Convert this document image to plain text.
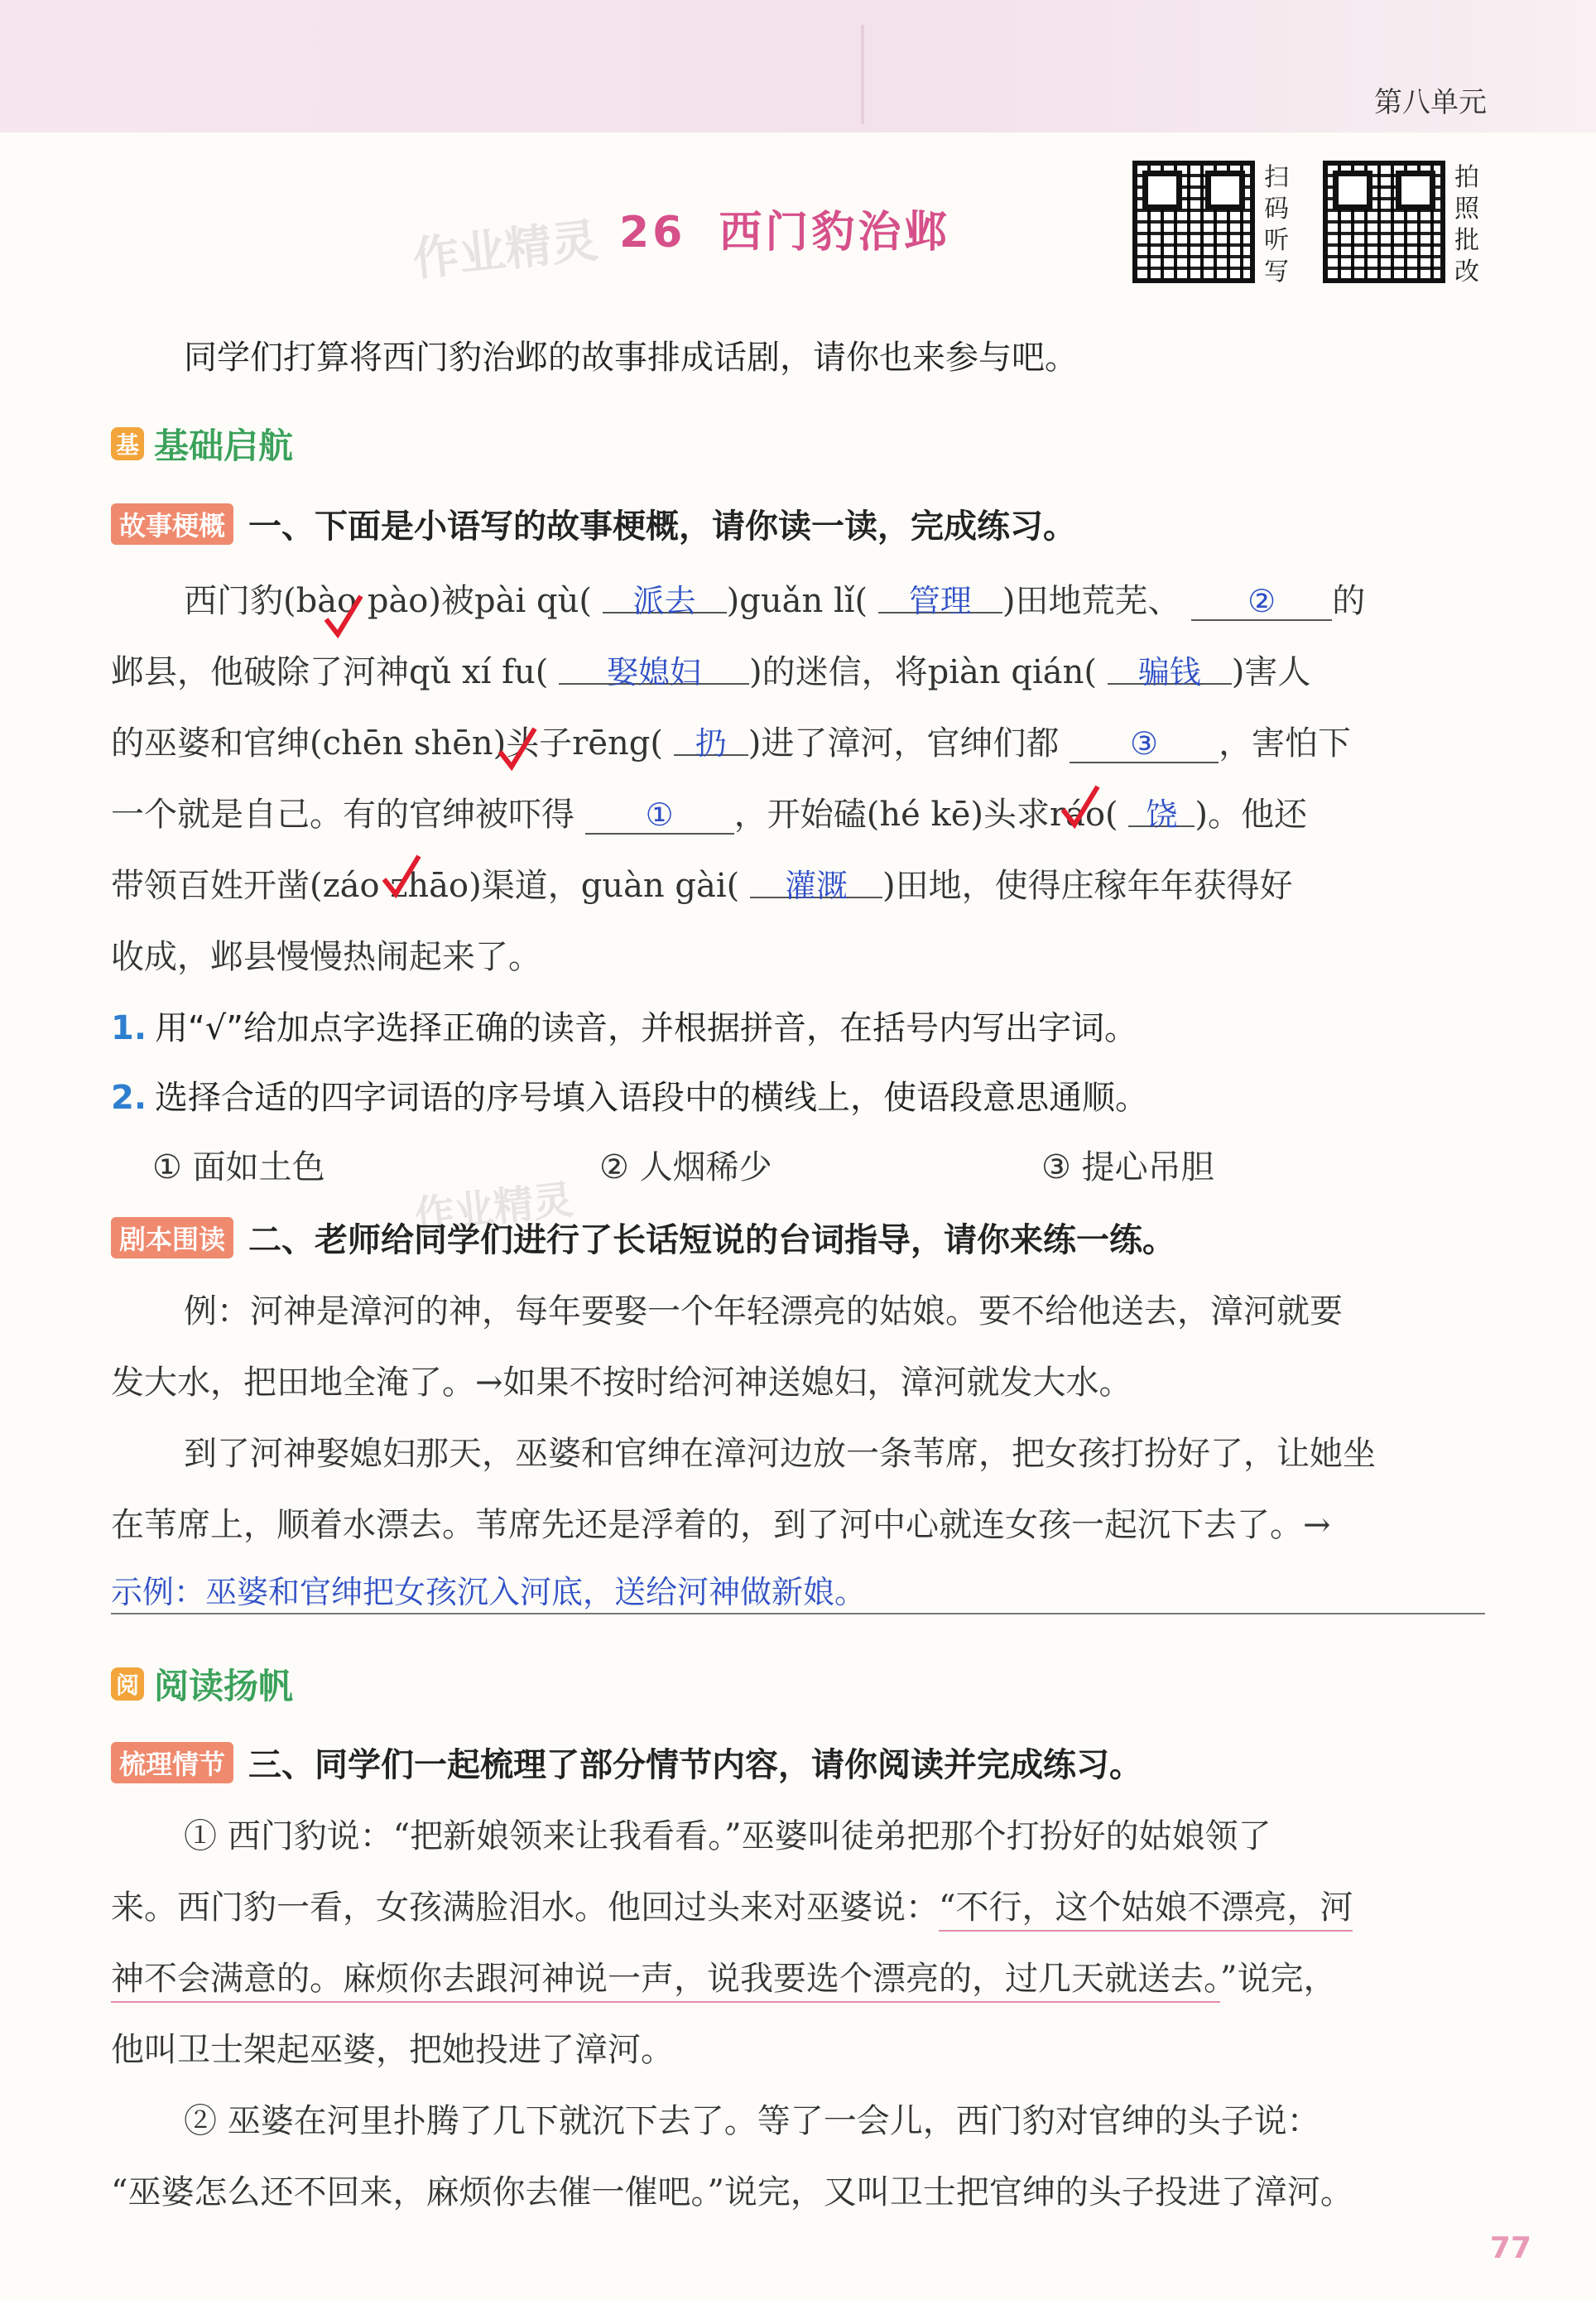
第八单元
作业精灵 26 西门豹治邺
扫码听写
拍照批改
同学们打算将西门豹治邺的故事排成话剧，请你也来参与吧。
基 基础启航
故事梗概 一、下面是小语写的故事梗概，请你读一读，完成练习。
西门豹(bào pào)被pài qù( 派去 )guǎn lǐ( 管理 )田地荒芜、 ② 的
邺县，他破除了河神qǔ xí fu( 娶媳妇 )的迷信，将piàn qián( 骗钱 )害人
的巫婆和官绅(chēn shēn)头子rēng( 扔 )进了漳河，官绅们都 ③ ，害怕下
一个就是自己。有的官绅被吓得 ① ，开始磕(hé kē)头求ráo( 饶 )。他还
带领百姓开凿(záo zhāo)渠道，guàn gài( 灌溉 )田地，使得庄稼年年获得好
收成，邺县慢慢热闹起来了。
1. 用“√”给加点字选择正确的读音，并根据拼音，在括号内写出字词。
2. 选择合适的四字词语的序号填入语段中的横线上，使语段意思通顺。
① 面如土色	② 人烟稀少	③ 提心吊胆
作业精灵
剧本围读 二、老师给同学们进行了长话短说的台词指导，请你来练一练。
例：河神是漳河的神，每年要娶一个年轻漂亮的姑娘。要不给他送去，漳河就要
发大水，把田地全淹了。→如果不按时给河神送媳妇，漳河就发大水。
到了河神娶媳妇那天，巫婆和官绅在漳河边放一条苇席，把女孩打扮好了，让她坐
在苇席上，顺着水漂去。苇席先还是浮着的，到了河中心就连女孩一起沉下去了。→
示例：巫婆和官绅把女孩沉入河底，送给河神做新娘。
阅 阅读扬帆
梳理情节 三、同学们一起梳理了部分情节内容，请你阅读并完成练习。
① 西门豹说：“把新娘领来让我看看。”巫婆叫徒弟把那个打扮好的姑娘领了
来。西门豹一看，女孩满脸泪水。他回过头来对巫婆说：“不行，这个姑娘不漂亮，河
神不会满意的。麻烦你去跟河神说一声，说我要选个漂亮的，过几天就送去。”说完，
他叫卫士架起巫婆，把她投进了漳河。
② 巫婆在河里扑腾了几下就沉下去了。等了一会儿，西门豹对官绅的头子说：
“巫婆怎么还不回来，麻烦你去催一催吧。”说完，又叫卫士把官绅的头子投进了漳河。
77
